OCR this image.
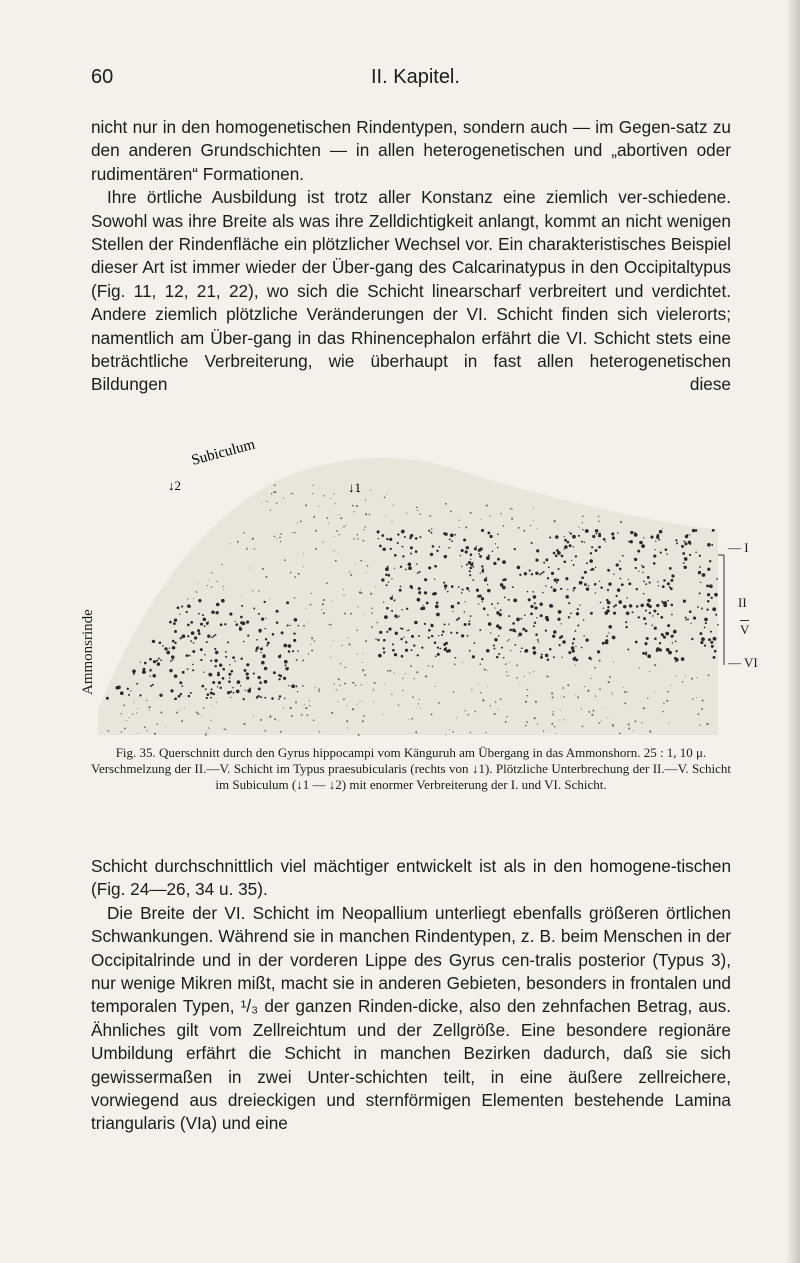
60	II. Kapitel.

nicht nur in den homogenetischen Rindentypen, sondern auch — im Gegen-satz zu den anderen Grundschichten — in allen heterogenetischen und „abortiven oder rudimentären“ Formationen.

Ihre örtliche Ausbildung ist trotz aller Konstanz eine ziemlich ver-schiedene. Sowohl was ihre Breite als was ihre Zelldichtigkeit anlangt, kommt an nicht wenigen Stellen der Rindenfläche ein plötzlicher Wechsel vor. Ein charakteristisches Beispiel dieser Art ist immer wieder der Über-gang des Calcarinatypus in den Occipitaltypus (Fig. 11, 12, 21, 22), wo sich die Schicht linearscharf verbreitert und verdichtet. Andere ziemlich plötzliche Veränderungen der VI. Schicht finden sich vielerorts; namentlich am Über-gang in das Rhinencephalon erfährt die VI. Schicht stets eine beträchtliche Verbreiterung, wie überhaupt in fast allen heterogenetischen Bildungen diese

Subiculum
↓2	↓1
— I
II
V
— VI
Ammonsrinde

Fig. 35. Querschnitt durch den Gyrus hippocampi vom Känguruh am Übergang in das Ammonshorn. 25 : 1, 10 μ.

Verschmelzung der II.—V. Schicht im Typus praesubicularis (rechts von ↓1). Plötzliche Unterbrechung der II.—V. Schicht im Subiculum (↓1 — ↓2) mit enormer Verbreiterung der I. und VI. Schicht.

Schicht durchschnittlich viel mächtiger entwickelt ist als in den homogene-tischen (Fig. 24—26, 34 u. 35).

Die Breite der VI. Schicht im Neopallium unterliegt ebenfalls größeren örtlichen Schwankungen. Während sie in manchen Rindentypen, z. B. beim Menschen in der Occipitalrinde und in der vorderen Lippe des Gyrus cen-tralis posterior (Typus 3), nur wenige Mikren mißt, macht sie in anderen Gebieten, besonders in frontalen und temporalen Typen, ¹/₃ der ganzen Rinden-dicke, also den zehnfachen Betrag, aus. Ähnliches gilt vom Zellreichtum und der Zellgröße. Eine besondere regionäre Umbildung erfährt die Schicht in manchen Bezirken dadurch, daß sie sich gewissermaßen in zwei Unter-schichten teilt, in eine äußere zellreichere, vorwiegend aus dreieckigen und sternförmigen Elementen bestehende Lamina triangularis (VIa) und eine
